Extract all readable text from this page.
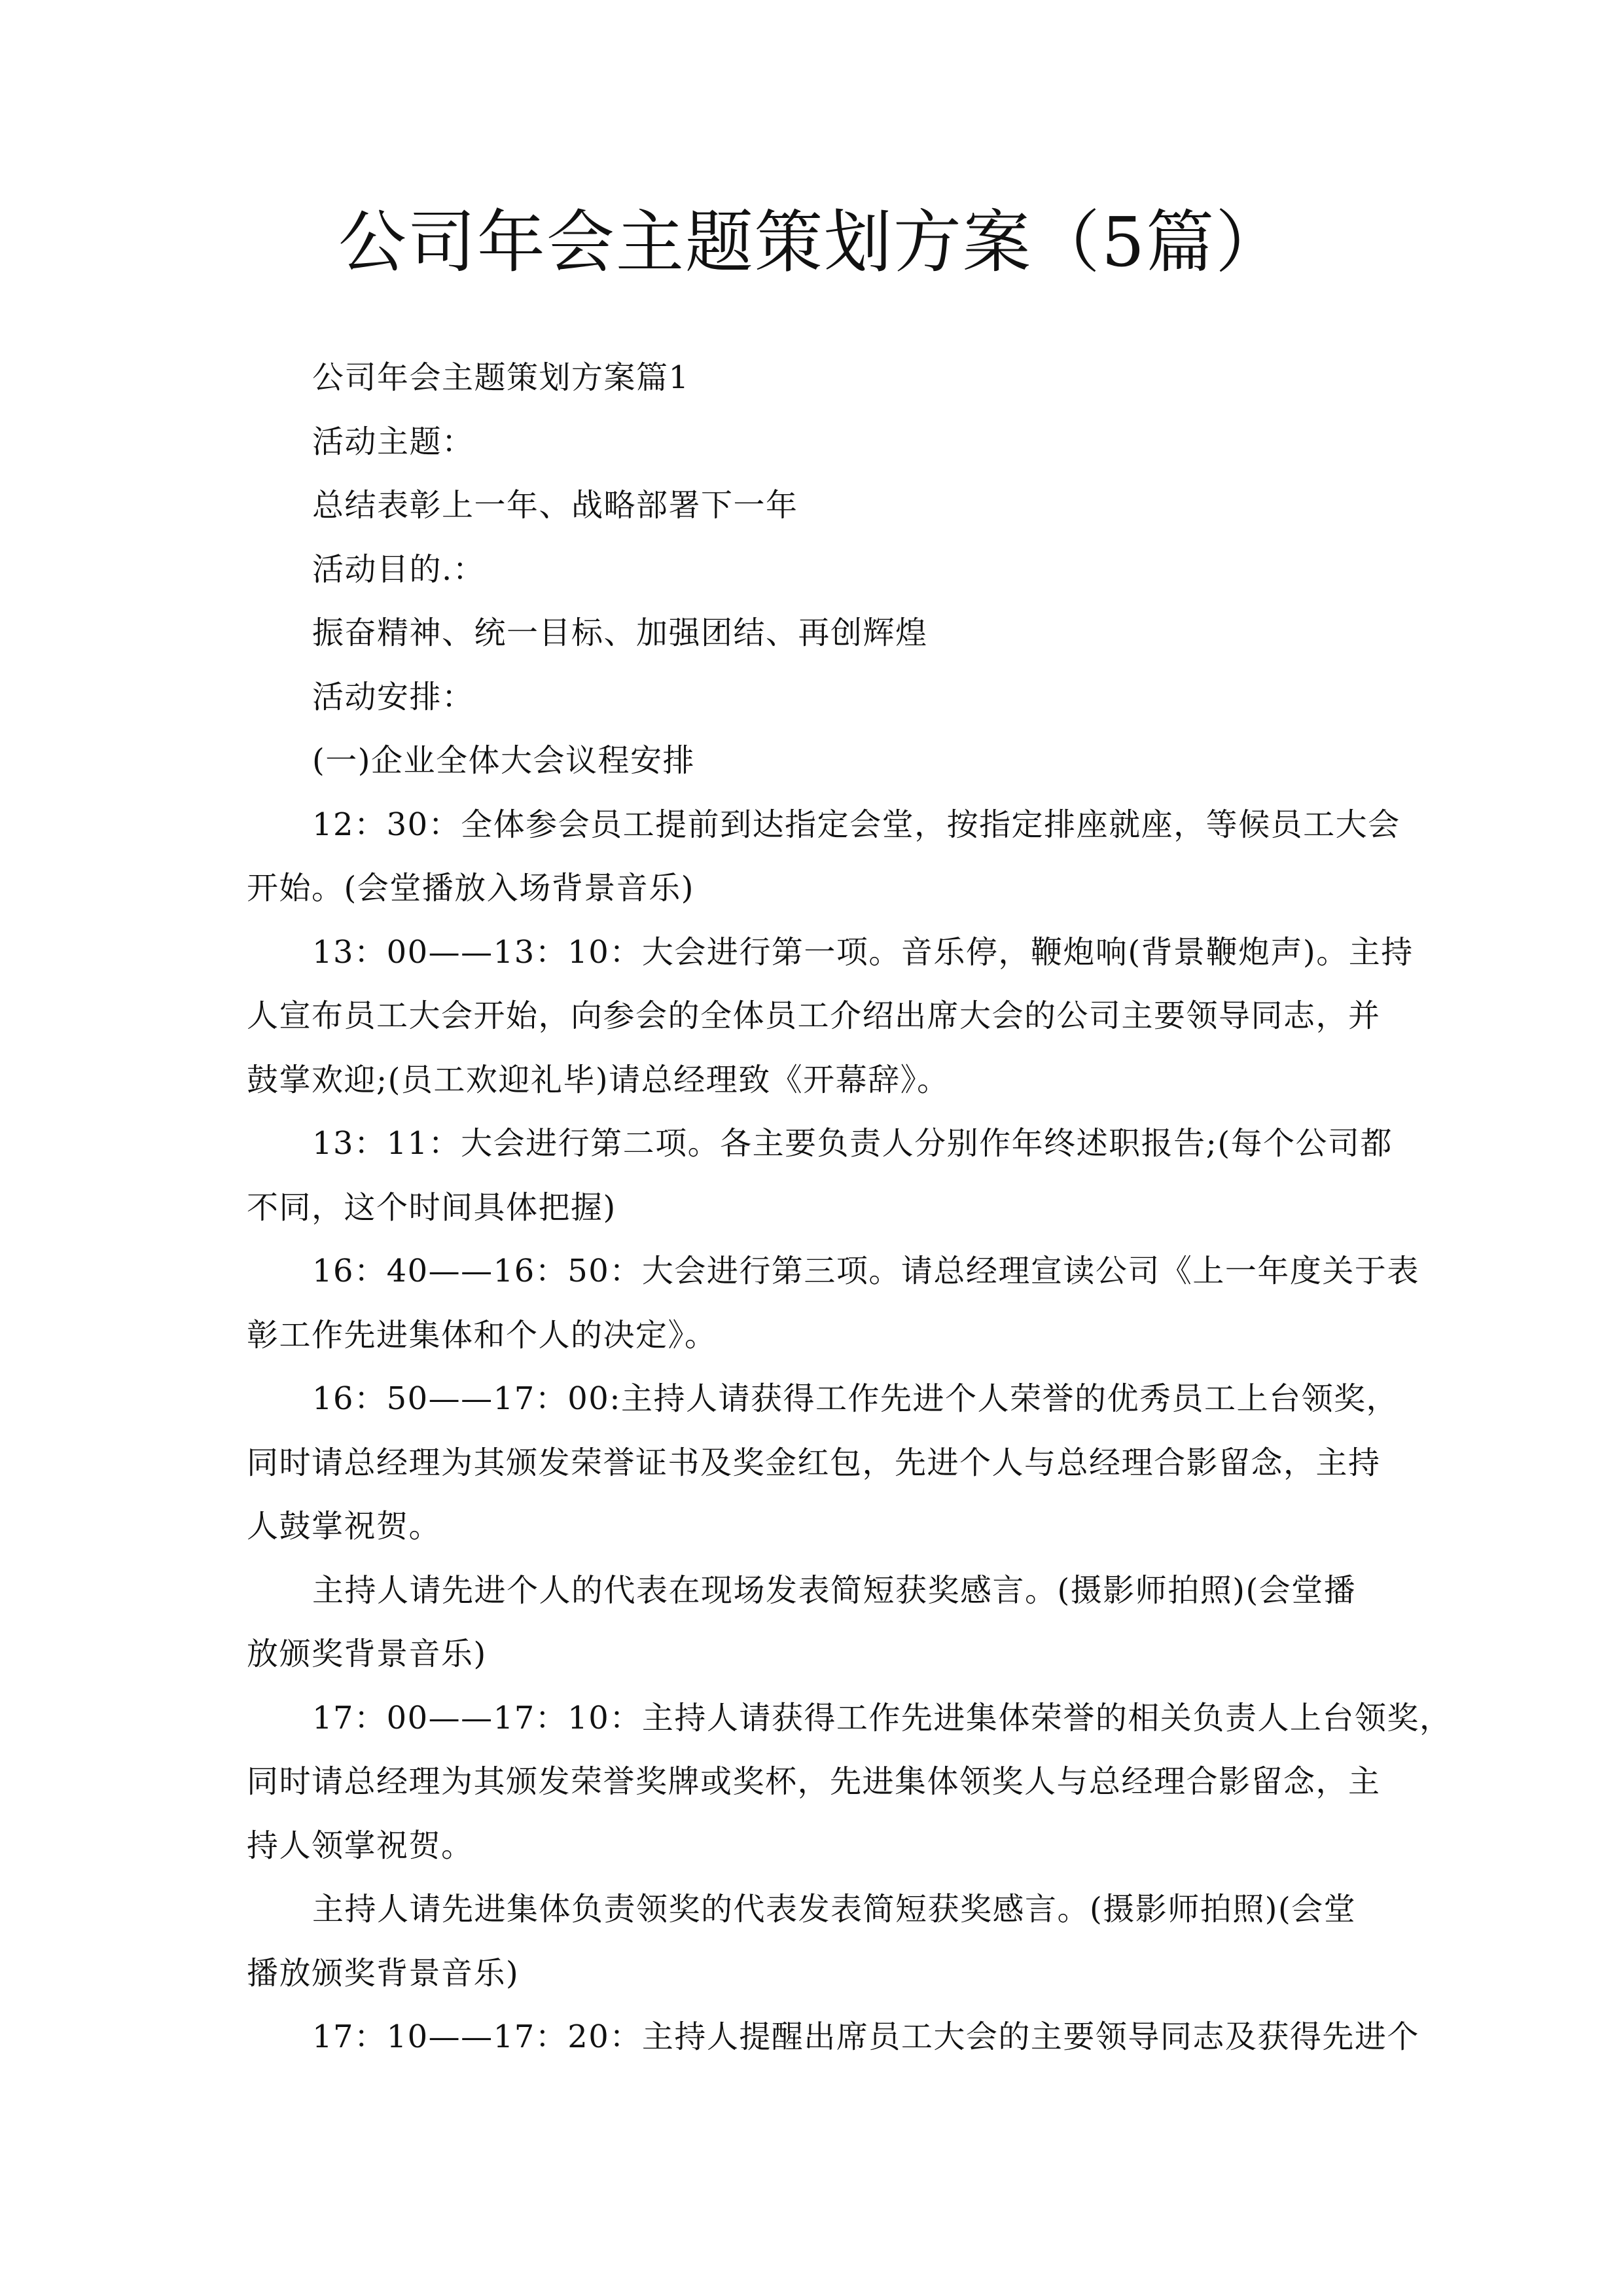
公司年会主题策划方案（5篇）
公司年会主题策划方案篇1
活动主题：
总结表彰上一年、战略部署下一年
活动目的.：
振奋精神、统一目标、加强团结、再创辉煌
活动安排：
(一)企业全体大会议程安排
12：30：全体参会员工提前到达指定会堂，按指定排座就座，等候员工大会
开始。(会堂播放入场背景音乐)
13：00——13：10：大会进行第一项。音乐停，鞭炮响(背景鞭炮声)。主持
人宣布员工大会开始，向参会的全体员工介绍出席大会的公司主要领导同志，并
鼓掌欢迎;(员工欢迎礼毕)请总经理致《开幕辞》。
13：11：大会进行第二项。各主要负责人分别作年终述职报告;(每个公司都
不同，这个时间具体把握)
16：40——16：50：大会进行第三项。请总经理宣读公司《上一年度关于表
彰工作先进集体和个人的决定》。
16：50——17：00:主持人请获得工作先进个人荣誉的优秀员工上台领奖，
同时请总经理为其颁发荣誉证书及奖金红包，先进个人与总经理合影留念，主持
人鼓掌祝贺。
主持人请先进个人的代表在现场发表简短获奖感言。(摄影师拍照)(会堂播
放颁奖背景音乐)
17：00——17：10：主持人请获得工作先进集体荣誉的相关负责人上台领奖，
同时请总经理为其颁发荣誉奖牌或奖杯，先进集体领奖人与总经理合影留念，主
持人领掌祝贺。
主持人请先进集体负责领奖的代表发表简短获奖感言。(摄影师拍照)(会堂
播放颁奖背景音乐)
17：10——17：20：主持人提醒出席员工大会的主要领导同志及获得先进个
